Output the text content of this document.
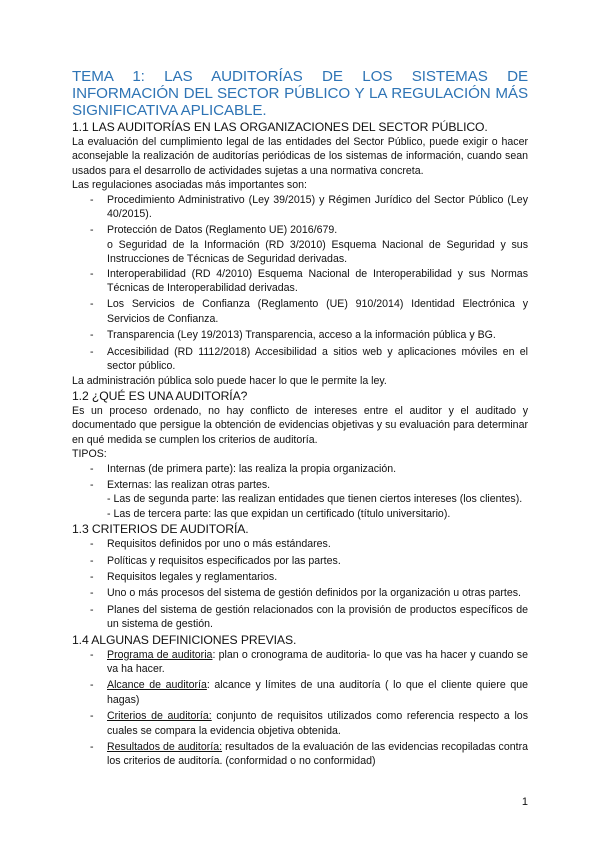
TEMA 1: LAS AUDITORÍAS DE LOS SISTEMAS DE INFORMACIÓN DEL SECTOR PÚBLICO Y LA REGULACIÓN MÁS SIGNIFICATIVA APLICABLE.
1.1 LAS AUDITORÍAS EN LAS ORGANIZACIONES DEL SECTOR PÚBLICO.
La evaluación del cumplimiento legal de las entidades del Sector Público, puede exigir o hacer aconsejable la realización de auditorías periódicas de los sistemas de información, cuando sean usados para el desarrollo de actividades sujetas a una normativa concreta.
Las regulaciones asociadas más importantes son:
- Procedimiento Administrativo (Ley 39/2015) y Régimen Jurídico del Sector Público (Ley 40/2015).
- Protección de Datos (Reglamento UE) 2016/679.
o Seguridad de la Información (RD 3/2010) Esquema Nacional de Seguridad y sus Instrucciones de Técnicas de Seguridad derivadas.
- Interoperabilidad (RD 4/2010) Esquema Nacional de Interoperabilidad y sus Normas Técnicas de Interoperabilidad derivadas.
- Los Servicios de Confianza (Reglamento (UE) 910/2014) Identidad Electrónica y Servicios de Confianza.
- Transparencia (Ley 19/2013) Transparencia, acceso a la información pública y BG.
- Accesibilidad (RD 1112/2018) Accesibilidad a sitios web y aplicaciones móviles en el sector público.
La administración pública solo puede hacer lo que le permite la ley.
1.2 ¿QUÉ ES UNA AUDITORÍA?
Es un proceso ordenado, no hay conflicto de intereses entre el auditor y el auditado y documentado que persigue la obtención de evidencias objetivas y su evaluación para determinar en qué medida se cumplen los criterios de auditoría.
TIPOS:
- Internas (de primera parte): las realiza la propia organización.
- Externas: las realizan otras partes.
- Las de segunda parte: las realizan entidades que tienen ciertos intereses (los clientes).
- Las de tercera parte: las que expidan un certificado (título universitario).
1.3 CRITERIOS DE AUDITORÍA.
- Requisitos definidos por uno o más estándares.
- Políticas y requisitos especificados por las partes.
- Requisitos legales y reglamentarios.
- Uno o más procesos del sistema de gestión definidos por la organización u otras partes.
- Planes del sistema de gestión relacionados con la provisión de productos específicos de un sistema de gestión.
1.4 ALGUNAS DEFINICIONES PREVIAS.
- Programa de auditoria: plan o cronograma de auditoria- lo que vas ha hacer y cuando se va ha hacer.
- Alcance de auditoría: alcance y límites de una auditoría ( lo que el cliente quiere que hagas)
- Criterios de auditoría: conjunto de requisitos utilizados como referencia respecto a los cuales se compara la evidencia objetiva obtenida.
- Resultados de auditoría: resultados de la evaluación de las evidencias recopiladas contra los criterios de auditoría. (conformidad o no conformidad)
1
